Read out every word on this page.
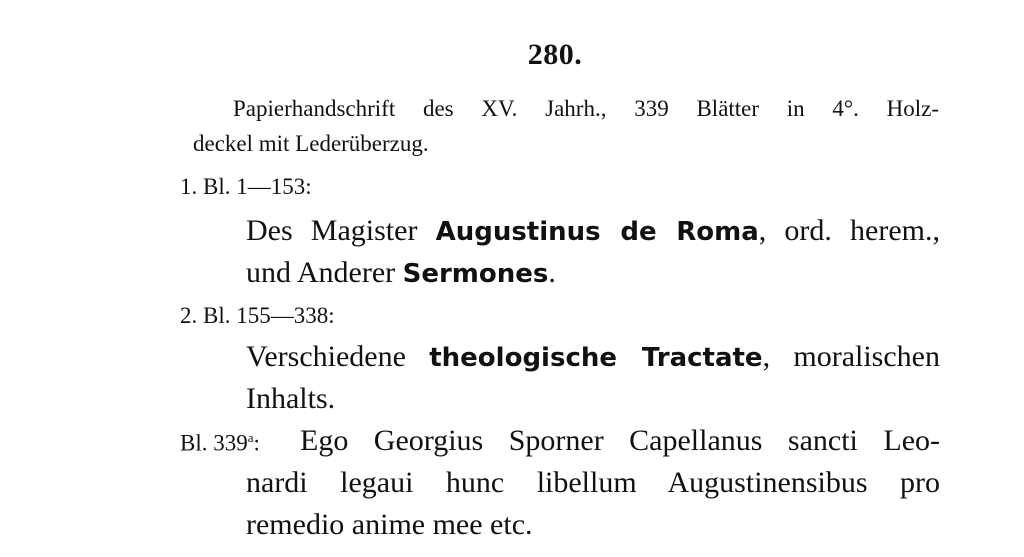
280.
Papierhandschrift des XV. Jahrh., 339 Blätter in 4°. Holz-
deckel mit Lederüberzug.
1. Bl. 1—153:
Des Magister Augustinus de Roma, ord. herem.,
und Anderer Sermones.
2. Bl. 155—338:
Verschiedene theologische Tractate, moralischen
Inhalts.
Bl. 339$^a$: Ego Georgius Sporner Capellanus sancti Leo-
nardi legaui hunc libellum Augustinensibus pro
remedio anime mee etc.
